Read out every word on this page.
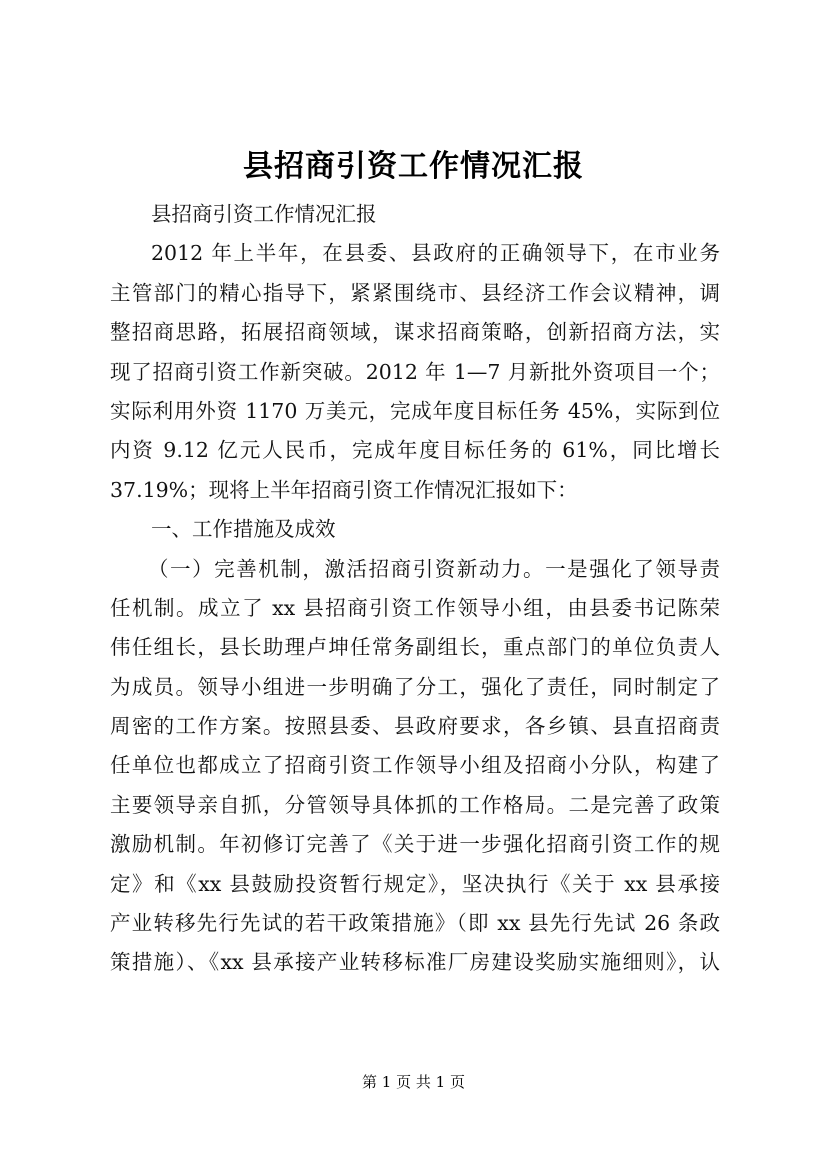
县招商引资工作情况汇报
县招商引资工作情况汇报
2012 年上半年，在县委、县政府的正确领导下，在市业务
主管部门的精心指导下，紧紧围绕市、县经济工作会议精神，调
整招商思路，拓展招商领域，谋求招商策略，创新招商方法，实
现了招商引资工作新突破。2012 年 1—7 月新批外资项目一个；
实际利用外资 1170 万美元，完成年度目标任务 45%，实际到位
内资 9.12 亿元人民币，完成年度目标任务的 61%，同比增长
37.19%；现将上半年招商引资工作情况汇报如下：
一、工作措施及成效
（一）完善机制，激活招商引资新动力。一是强化了领导责
任机制。成立了 xx 县招商引资工作领导小组，由县委书记陈荣
伟任组长，县长助理卢坤任常务副组长，重点部门的单位负责人
为成员。领导小组进一步明确了分工，强化了责任，同时制定了
周密的工作方案。按照县委、县政府要求，各乡镇、县直招商责
任单位也都成立了招商引资工作领导小组及招商小分队，构建了
主要领导亲自抓，分管领导具体抓的工作格局。二是完善了政策
激励机制。年初修订完善了《关于进一步强化招商引资工作的规
定》和《xx 县鼓励投资暂行规定》，坚决执行《关于 xx 县承接
产业转移先行先试的若干政策措施》（即 xx 县先行先试 26 条政
策措施）、《xx 县承接产业转移标准厂房建设奖励实施细则》，认
第 1 页 共 1 页
